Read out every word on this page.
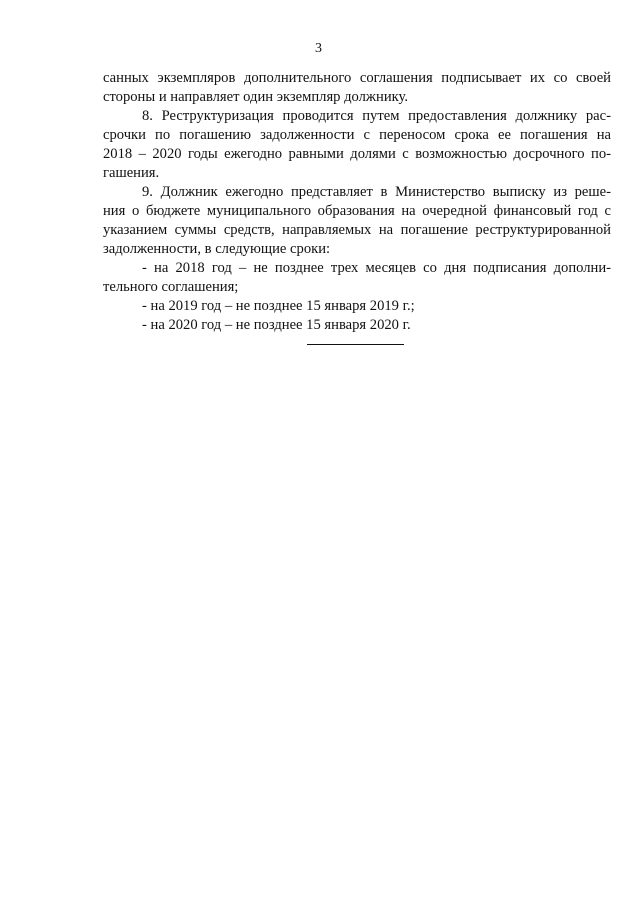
3
санных экземпляров дополнительного соглашения подписывает их со своей
стороны и направляет один экземпляр должнику.
8. Реструктуризация проводится путем предоставления должнику рас-
срочки по погашению задолженности с переносом срока ее погашения на
2018 – 2020 годы ежегодно равными долями с возможностью досрочного по-
гашения.
9. Должник ежегодно представляет в Министерство выписку из реше-
ния о бюджете муниципального образования на очередной финансовый год с
указанием суммы средств, направляемых на погашение реструктурированной
задолженности, в следующие сроки:
- на 2018 год – не позднее трех месяцев со дня подписания дополни-
тельного соглашения;
- на 2019 год – не позднее 15 января 2019 г.;
- на 2020 год – не позднее 15 января 2020 г.
